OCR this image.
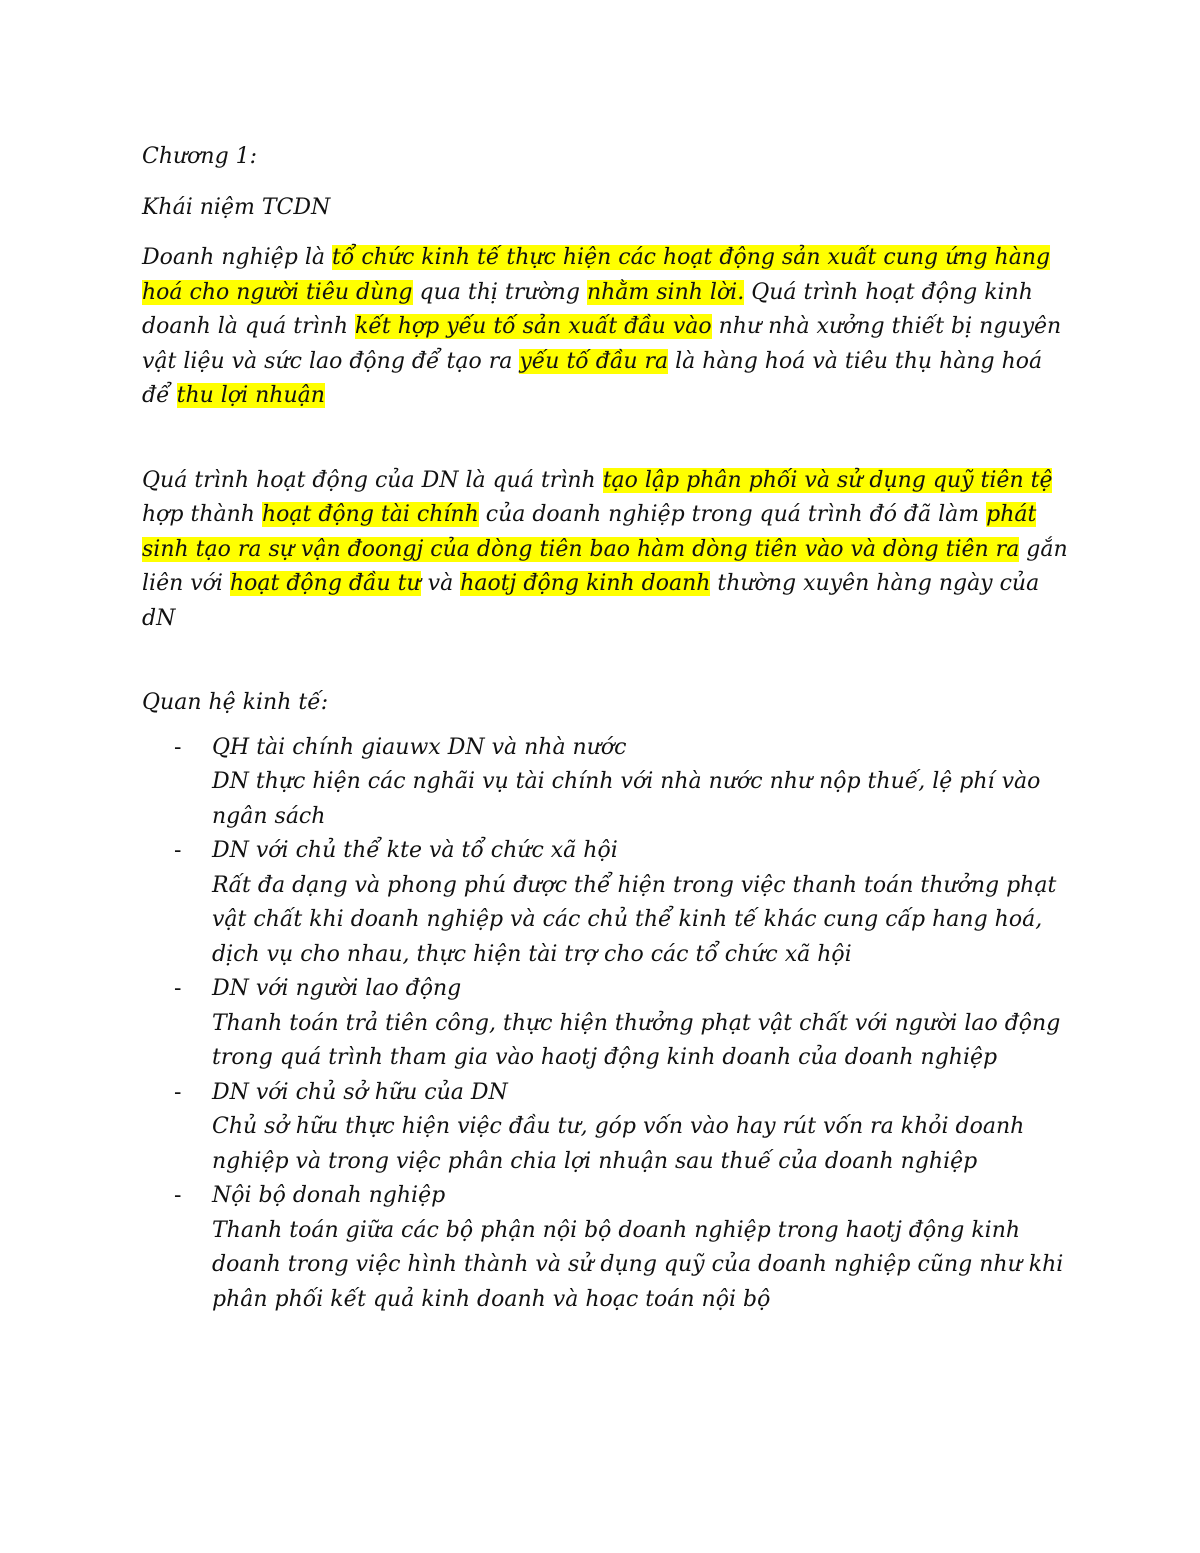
Chương 1:

Khái niệm TCDN

Doanh nghiệp là tổ chức kinh tế thực hiện các hoạt động sản xuất cung ứng hàng hoá cho người tiêu dùng qua thị trường nhằm sinh lời. Quá trình hoạt động kinh doanh là quá trình kết hợp yếu tố sản xuất đầu vào như nhà xưởng thiết bị nguyên vật liệu và sức lao động để tạo ra yếu tố đầu ra là hàng hoá và tiêu thụ hàng hoá để thu lợi nhuận

Quá trình hoạt động của DN là quá trình tạo lập phân phối và sử dụng quỹ tiên tệ hợp thành hoạt động tài chính của doanh nghiệp trong quá trình đó đã làm phát sinh tạo ra sự vận đoongj của dòng tiên bao hàm dòng tiên vào và dòng tiên ra gắn liên với hoạt động đầu tư và haotj động kinh doanh thường xuyên hàng ngày của dN

Quan hệ kinh tế:

- QH tài chính giauwx DN và nhà nước
DN thực hiện các nghãi vụ tài chính với nhà nước như nộp thuế, lệ phí vào ngân sách
- DN với chủ thể kte và tổ chức xã hội
Rất đa dạng và phong phú được thể hiện trong việc thanh toán thưởng phạt vật chất khi doanh nghiệp và các chủ thể kinh tế khác cung cấp hang hoá, dịch vụ cho nhau, thực hiện tài trợ cho các tổ chức xã hội
- DN với người lao động
Thanh toán trả tiên công, thực hiện thưởng phạt vật chất với người lao động trong quá trình tham gia vào haotj động kinh doanh của doanh nghiệp
- DN với chủ sở hữu của DN
Chủ sở hữu thực hiện việc đầu tư, góp vốn vào hay rút vốn ra khỏi doanh nghiệp và trong việc phân chia lợi nhuận sau thuế của doanh nghiệp
- Nội bộ donah nghiệp
Thanh toán giữa các bộ phận nội bộ doanh nghiệp trong haotj động kinh doanh trong việc hình thành và sử dụng quỹ của doanh nghiệp cũng như khi phân phối kết quả kinh doanh và hoạc toán nội bộ
